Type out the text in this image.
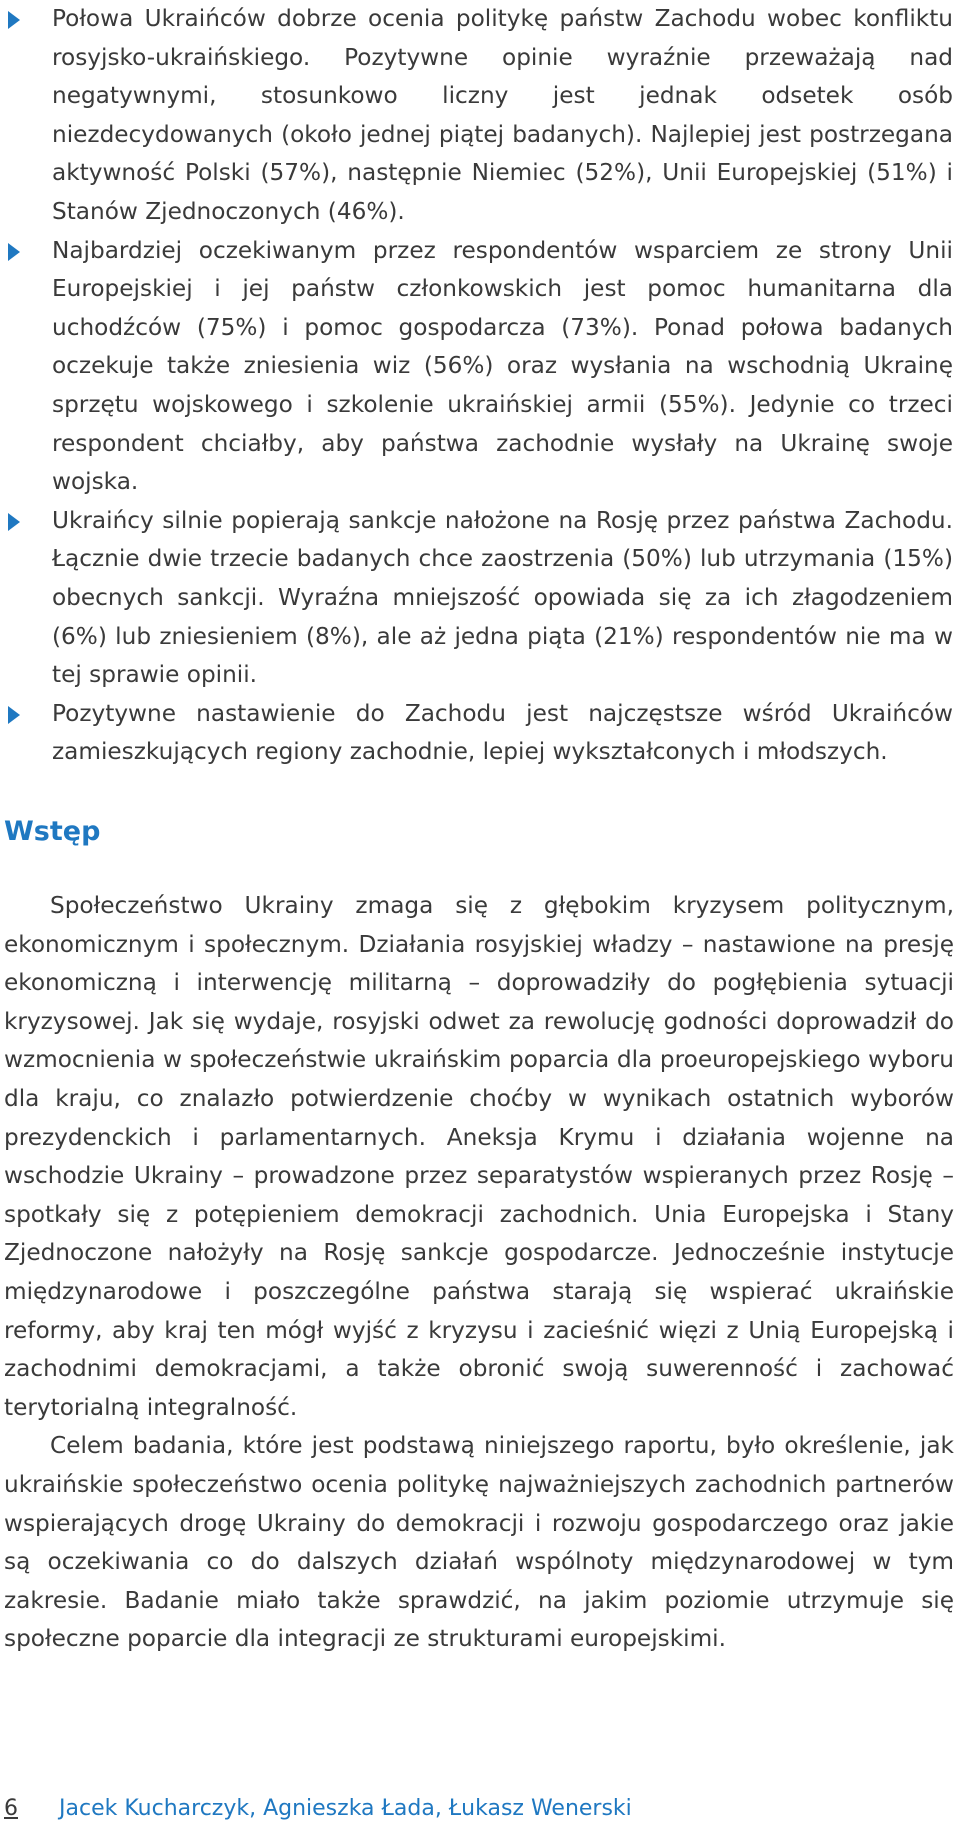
Połowa Ukraińców dobrze ocenia politykę państw Zachodu wobec konfliktu rosyjsko-ukraińskiego. Pozytywne opinie wyraźnie przeważają nad negatywnymi, stosunkowo liczny jest jednak odsetek osób niezdecydowanych (około jednej piątej badanych). Najlepiej jest postrzegana aktywność Polski (57%), następnie Niemiec (52%), Unii Europejskiej (51%) i Stanów Zjednoczonych (46%).
Najbardziej oczekiwanym przez respondentów wsparciem ze strony Unii Europejskiej i jej państw członkowskich jest pomoc humanitarna dla uchodźców (75%) i pomoc gospodarcza (73%). Ponad połowa badanych oczekuje także zniesienia wiz (56%) oraz wysłania na wschodnią Ukrainę sprzętu wojskowego i szkolenie ukraińskiej armii (55%). Jedynie co trzeci respondent chciałby, aby państwa zachodnie wysłały na Ukrainę swoje wojska.
Ukraińcy silnie popierają sankcje nałożone na Rosję przez państwa Zachodu. Łącznie dwie trzecie badanych chce zaostrzenia (50%) lub utrzymania (15%) obecnych sankcji. Wyraźna mniejszość opowiada się za ich złagodzeniem (6%) lub zniesieniem (8%), ale aż jedna piąta (21%) respondentów nie ma w tej sprawie opinii.
Pozytywne nastawienie do Zachodu jest najczęstsze wśród Ukraińców zamieszkujących regiony zachodnie, lepiej wykształconych i młodszych.
Wstęp

Społeczeństwo Ukrainy zmaga się z głębokim kryzysem politycznym, ekonomicznym i społecznym. Działania rosyjskiej władzy – nastawione na presję ekonomiczną i interwencję militarną – doprowadziły do pogłębienia sytuacji kryzysowej. Jak się wydaje, rosyjski odwet za rewolucję godności doprowadził do wzmocnienia w społeczeństwie ukraińskim poparcia dla proeuropejskiego wyboru dla kraju, co znalazło potwierdzenie choćby w wynikach ostatnich wyborów prezydenckich i parlamentarnych. Aneksja Krymu i działania wojenne na wschodzie Ukrainy – prowadzone przez separatystów wspieranych przez Rosję – spotkały się z potępieniem demokracji zachodnich. Unia Europejska i Stany Zjednoczone nałożyły na Rosję sankcje gospodarcze. Jednocześnie instytucje międzynarodowe i poszczególne państwa starają się wspierać ukraińskie reformy, aby kraj ten mógł wyjść z kryzysu i zacieśnić więzi z Unią Europejską i zachodnimi demokracjami, a także obronić swoją suwerenność i zachować terytorialną integralność.

Celem badania, które jest podstawą niniejszego raportu, było określenie, jak ukraińskie społeczeństwo ocenia politykę najważniejszych zachodnich partnerów wspierających drogę Ukrainy do demokracji i rozwoju gospodarczego oraz jakie są oczekiwania co do dalszych działań wspólnoty międzynarodowej w tym zakresie. Badanie miało także sprawdzić, na jakim poziomie utrzymuje się społeczne poparcie dla integracji ze strukturami europejskimi.

6 Jacek Kucharczyk, Agnieszka Łada, Łukasz Wenerski
